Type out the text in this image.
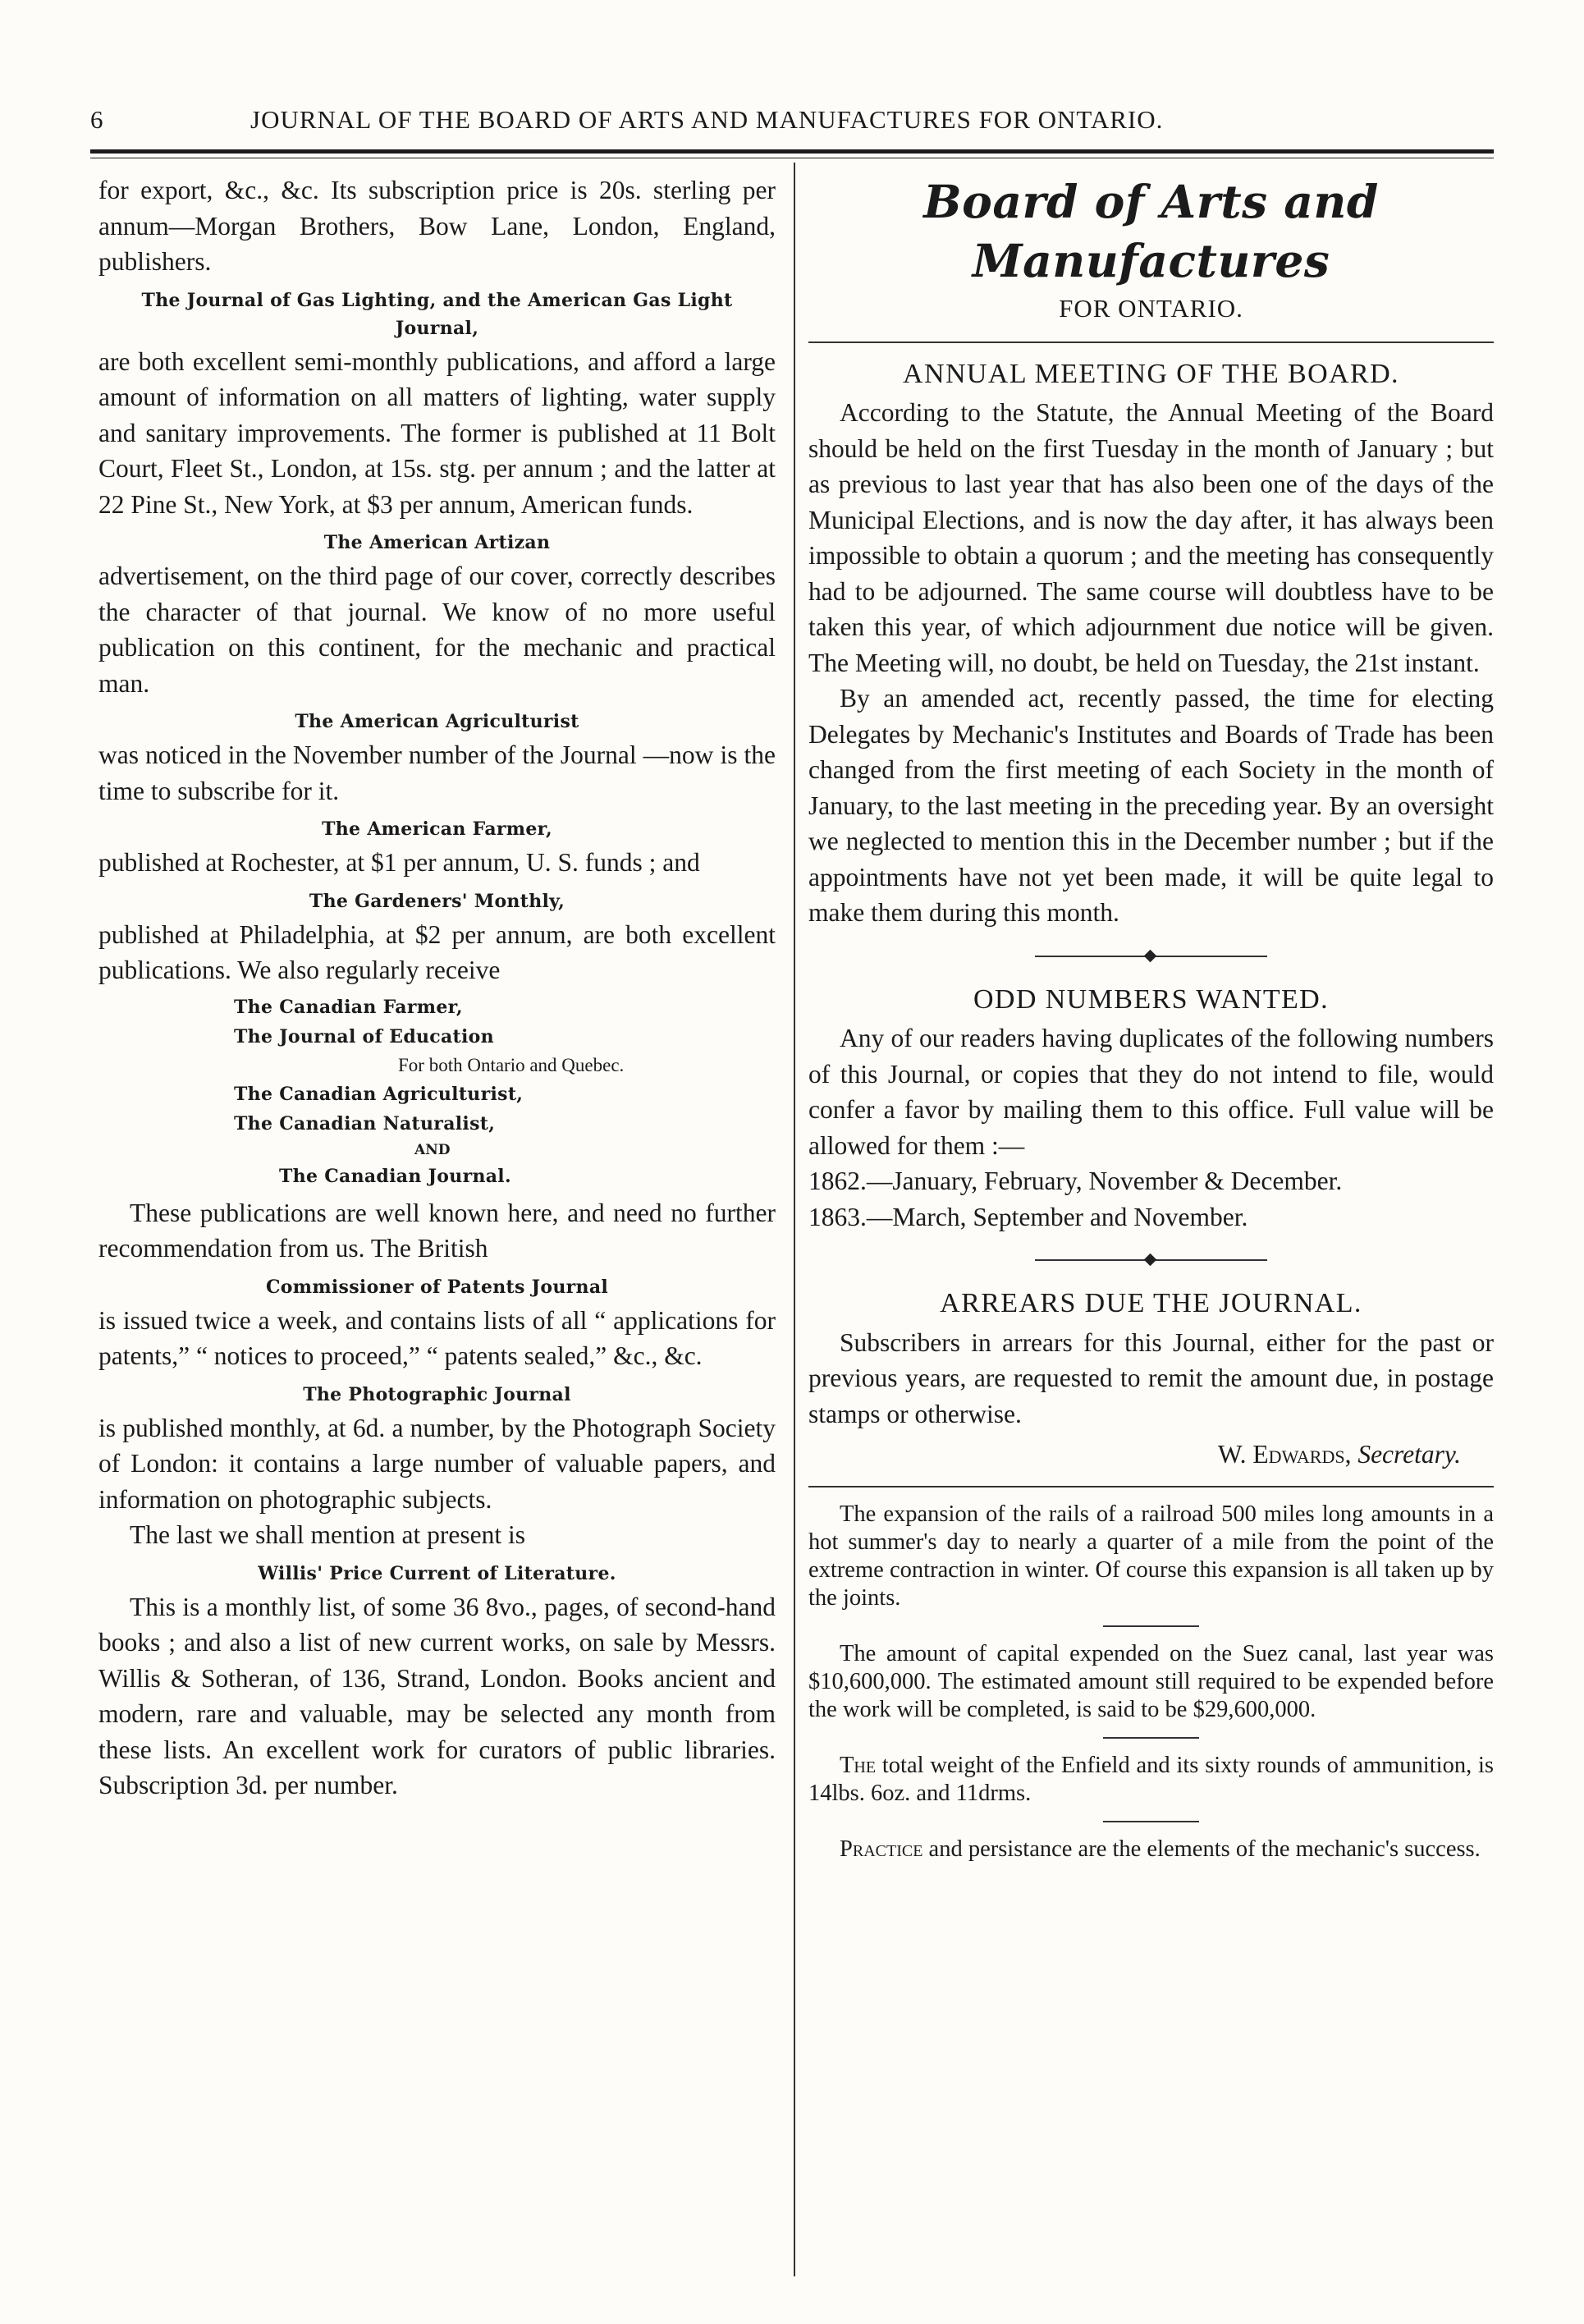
6	JOURNAL OF THE BOARD OF ARTS AND MANUFACTURES FOR ONTARIO.

for export, &c., &c. Its subscription price is 20s. sterling per annum—Morgan Brothers, Bow Lane, London, England, publishers.

The Journal of Gas Lighting, and the American Gas Light Journal,

are both excellent semi-monthly publications, and afford a large amount of information on all matters of lighting, water supply and sanitary improvements. The former is published at 11 Bolt Court, Fleet St., London, at 15s. stg. per annum ; and the latter at 22 Pine St., New York, at $3 per annum, American funds.

The American Artizan

advertisement, on the third page of our cover, correctly describes the character of that journal. We know of no more useful publication on this continent, for the mechanic and practical man.

The American Agriculturist

was noticed in the November number of the Journal —now is the time to subscribe for it.

The American Farmer,

published at Rochester, at $1 per annum, U. S. funds ; and

The Gardeners' Monthly,

published at Philadelphia, at $2 per annum, are both excellent publications. We also regularly receive

The Canadian Farmer,
The Journal of Education
For both Ontario and Quebec.
The Canadian Agriculturist,
The Canadian Naturalist,
AND
The Canadian Journal.

These publications are well known here, and need no further recommendation from us. The British

Commissioner of Patents Journal

is issued twice a week, and contains lists of all “ applications for patents,” “ notices to proceed,” “ patents sealed,” &c., &c.

The Photographic Journal

is published monthly, at 6d. a number, by the Photograph Society of London: it contains a large number of valuable papers, and information on photographic subjects.

The last we shall mention at present is

Willis' Price Current of Literature.

This is a monthly list, of some 36 8vo., pages, of second-hand books ; and also a list of new current works, on sale by Messrs. Willis & Sotheran, of 136, Strand, London. Books ancient and modern, rare and valuable, may be selected any month from these lists. An excellent work for curators of public libraries. Subscription 3d. per number.

Board of Arts and Manufactures
FOR ONTARIO.
ANNUAL MEETING OF THE BOARD.

According to the Statute, the Annual Meeting of the Board should be held on the first Tuesday in the month of January ; but as previous to last year that has also been one of the days of the Municipal Elections, and is now the day after, it has always been impossible to obtain a quorum ; and the meeting has consequently had to be adjourned. The same course will doubtless have to be taken this year, of which adjournment due notice will be given. The Meeting will, no doubt, be held on Tuesday, the 21st instant.

By an amended act, recently passed, the time for electing Delegates by Mechanic's Institutes and Boards of Trade has been changed from the first meeting of each Society in the month of January, to the last meeting in the preceding year. By an oversight we neglected to mention this in the December number ; but if the appointments have not yet been made, it will be quite legal to make them during this month.

ODD NUMBERS WANTED.

Any of our readers having duplicates of the following numbers of this Journal, or copies that they do not intend to file, would confer a favor by mailing them to this office. Full value will be allowed for them :—

1862.—January, February, November & December.

1863.—March, September and November.

ARREARS DUE THE JOURNAL.

Subscribers in arrears for this Journal, either for the past or previous years, are requested to remit the amount due, in postage stamps or otherwise.

W. Edwards, Secretary.

The expansion of the rails of a railroad 500 miles long amounts in a hot summer's day to nearly a quarter of a mile from the point of the extreme contraction in winter. Of course this expansion is all taken up by the joints.

The amount of capital expended on the Suez canal, last year was $10,600,000. The estimated amount still required to be expended before the work will be completed, is said to be $29,600,000.

The total weight of the Enfield and its sixty rounds of ammunition, is 14lbs. 6oz. and 11drms.

Practice and persistance are the elements of the mechanic's success.
